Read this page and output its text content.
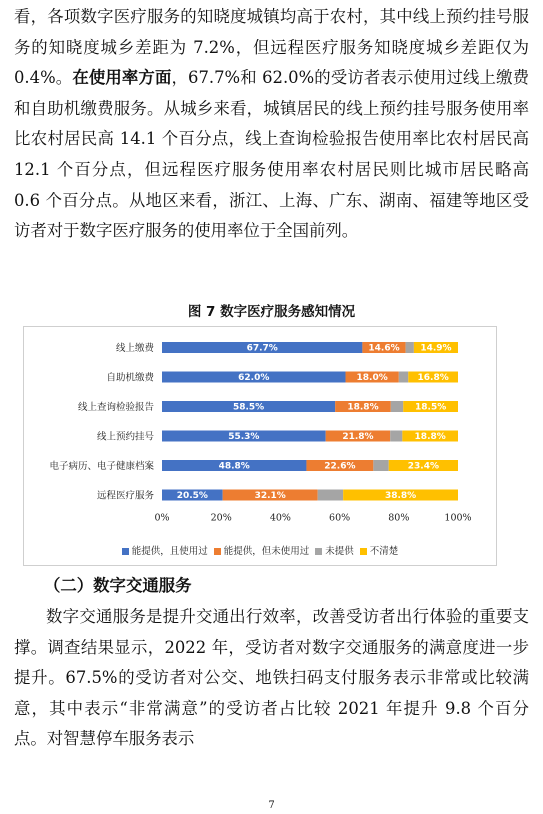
看，各项数字医疗服务的知晓度城镇均高于农村，其中线上预约挂号服务的知晓度城乡差距为 7.2%，但远程医疗服务知晓度城乡差距仅为 0.4%。在使用率方面，67.7%和 62.0%的受访者表示使用过线上缴费和自助机缴费服务。从城乡来看，城镇居民的线上预约挂号服务使用率比农村居民高 14.1 个百分点，线上查询检验报告使用率比农村居民高 12.1 个百分点，但远程医疗服务使用率农村居民则比城市居民略高 0.6 个百分点。从地区来看，浙江、上海、广东、湖南、福建等地区受访者对于数字医疗服务的使用率位于全国前列。

图 7 数字医疗服务感知情况
线上缴费	67.7%	14.6% 14.9%
自助机缴费	62.0%	18.0%	16.8%
线上查询检验报告	58.5%	18.8%	18.5%
线上预约挂号	55.3%	21.8%	18.8%
电子病历、电子健康档案	48.8%	22.6%	23.4%
远程医疗服务	20.5%	32.1%	38.8%
0%	20%	40%	60%	80%	100%
能提供，且使用过 能提供，但未使用过 未提供 不清楚
（二）数字交通服务

数字交通服务是提升交通出行效率，改善受访者出行体验的重要支撑。调查结果显示，2022 年，受访者对数字交通服务的满意度进一步提升。67.5%的受访者对公交、地铁扫码支付服务表示非常或比较满意，其中表示“非常满意”的受访者占比较 2021 年提升 9.8 个百分点。对智慧停车服务表示

7
